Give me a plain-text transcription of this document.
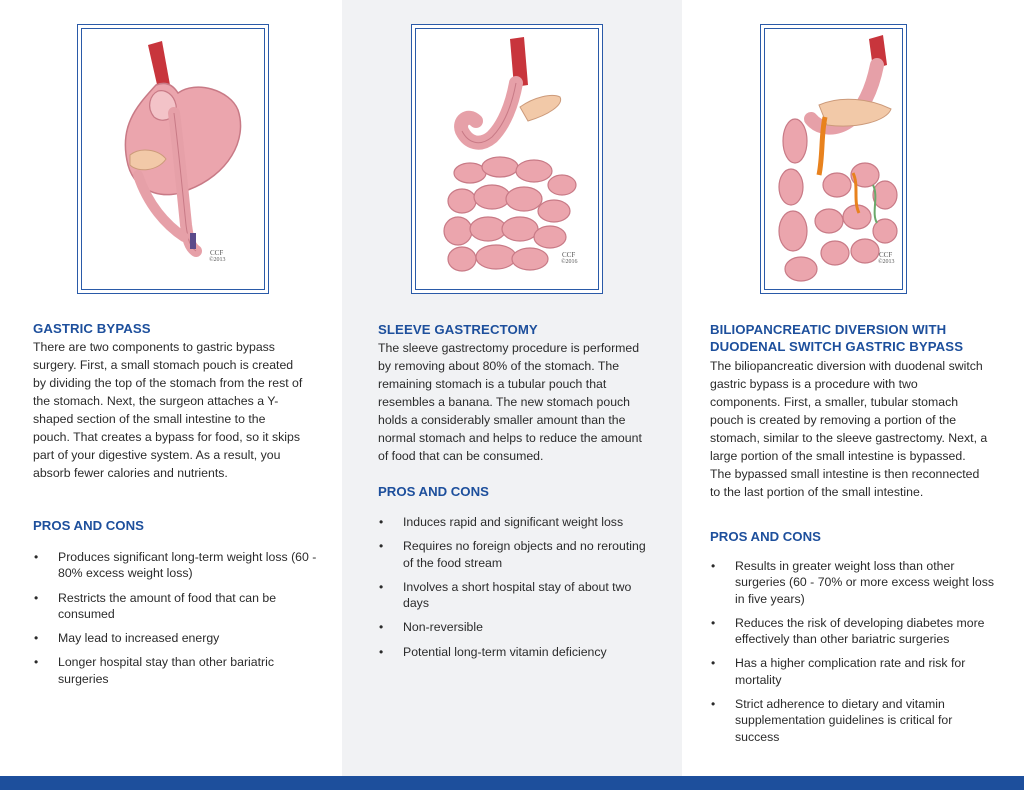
CCF
©2013
GASTRIC BYPASS

There are two components to gastric bypass surgery. First, a small stomach pouch is created by dividing the top of the stomach from the rest of the stomach. Next, the surgeon attaches a Y-shaped section of the small intestine to the pouch. That creates a bypass for food, so it skips part of your digestive system. As a result, you absorb fewer calories and nutrients.

PROS AND CONS
• Produces significant long-term weight loss (60 - 80% excess weight loss)
• Restricts the amount of food that can be consumed
• May lead to increased energy
• Longer hospital stay than other bariatric surgeries
CCF
©2016
SLEEVE GASTRECTOMY

The sleeve gastrectomy procedure is performed by removing about 80% of the stomach. The remaining stomach is a tubular pouch that resembles a banana. The new stomach pouch holds a considerably smaller amount than the normal stomach and helps to reduce the amount of food that can be consumed.

PROS AND CONS
• Induces rapid and significant weight loss
• Requires no foreign objects and no rerouting of the food stream
• Involves a short hospital stay of about two days
• Non-reversible
• Potential long-term vitamin deficiency
CCF
©2013
BILIOPANCREATIC DIVERSION WITH DUODENAL SWITCH GASTRIC BYPASS

The biliopancreatic diversion with duodenal switch gastric bypass is a procedure with two components. First, a smaller, tubular stomach pouch is created by removing a portion of the stomach, similar to the sleeve gastrectomy. Next, a large portion of the small intestine is bypassed. The bypassed small intestine is then reconnected to the last portion of the small intestine.

PROS AND CONS
• Results in greater weight loss than other surgeries (60 - 70% or more excess weight loss in five years)
• Reduces the risk of developing diabetes more effectively than other bariatric surgeries
• Has a higher complication rate and risk for mortality
• Strict adherence to dietary and vitamin supplementation guidelines is critical for success
